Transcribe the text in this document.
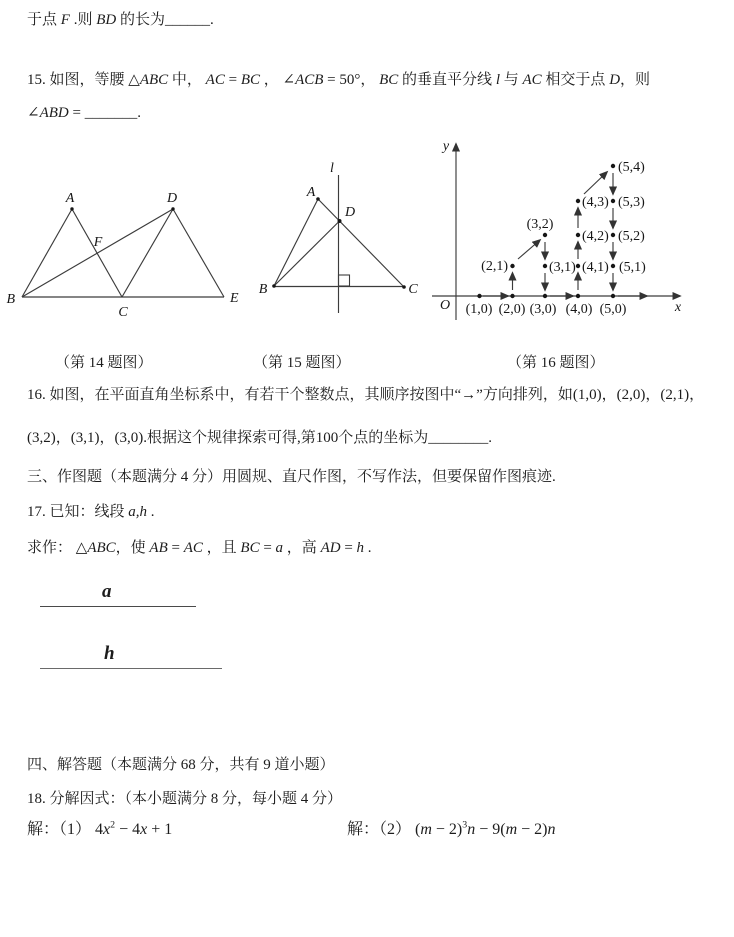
于点 F .则 BD 的长为______.
15. 如图，等腰 △ABC 中， AC = BC ， ∠ACB = 50°， BC 的垂直平分线 l 与 AC 相交于点 D，则
∠ABD = _______.
A	D
F
B
C
E
l
A
D
B	C
y
x
O (1,0) (2,0) (3,0) (4,0) (5,0)
(2,1)
(3,2)
(3,1) (4,1)
(4,2)
(4,3)
(5,1)
(5,2)
(5,3)
(5,4)
（第 14 题图）	（第 15 题图）	（第 16 题图）
16. 如图，在平面直角坐标系中，有若干个整数点，其顺序按图中“→”方向排列，如(1,0)，(2,0)，(2,1)，
(3,2)，(3,1)，(3,0).根据这个规律探索可得,第100个点的坐标为________.
三、作图题（本题满分 4 分）用圆规、直尺作图，不写作法，但要保留作图痕迹.
17. 已知：线段 a,h .
求作： △ABC，使 AB = AC ，且 BC = a ，高 AD = h .
a
h
四、解答题（本题满分 68 分，共有 9 道小题）
18. 分解因式：（本小题满分 8 分，每小题 4 分）
解：（1） $4x^2 - 4x + 1$	解：（2） $(m - 2)^3n - 9(m - 2)n$
